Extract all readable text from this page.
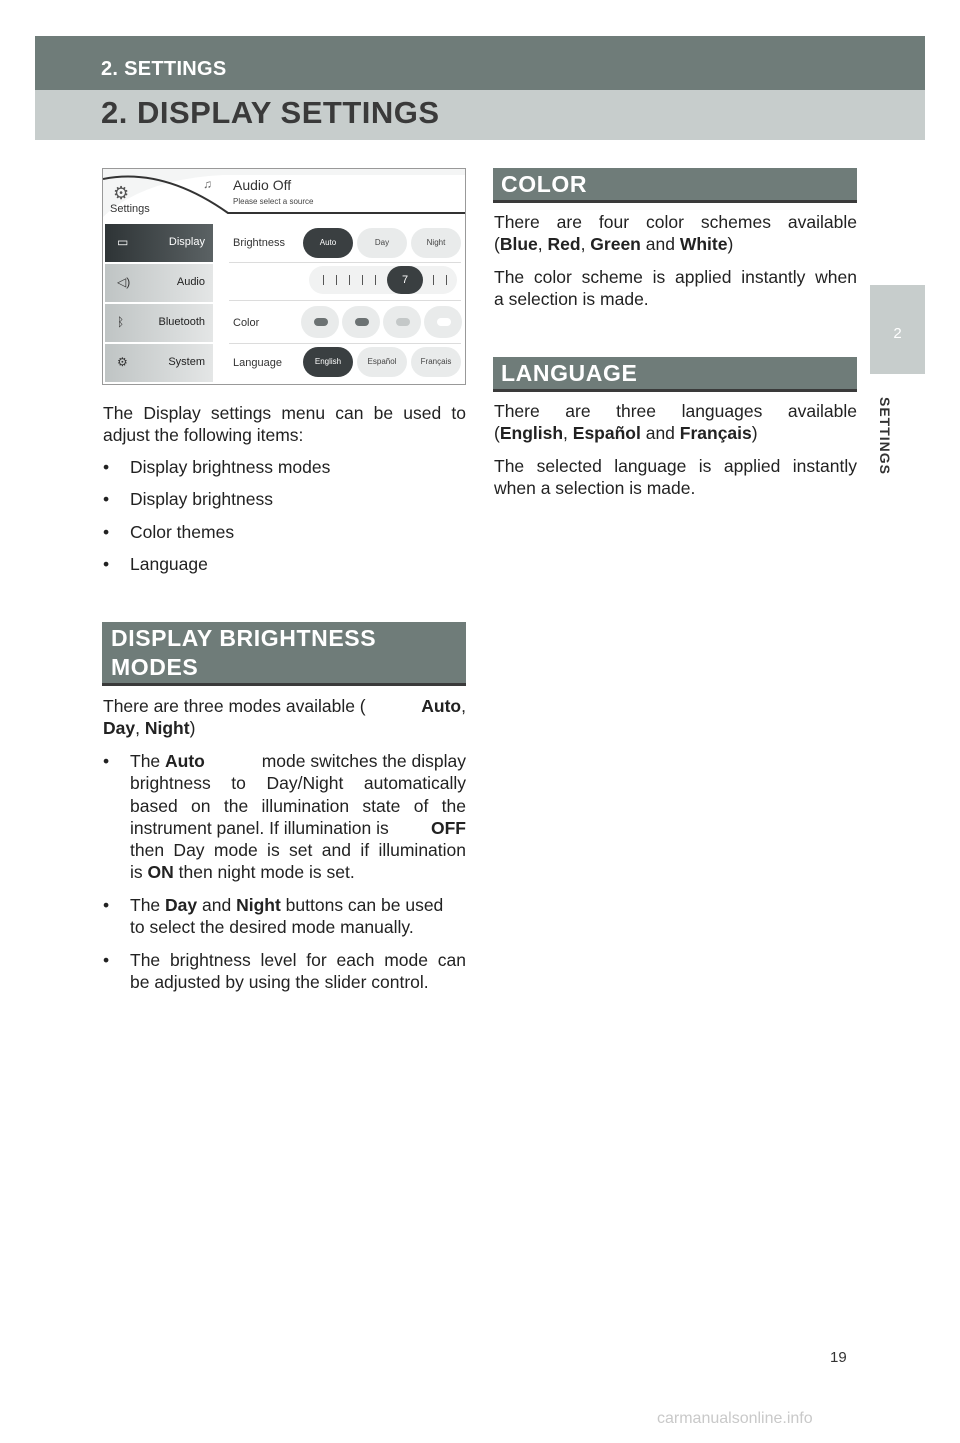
2. SETTINGS
2. DISPLAY SETTINGS
2
SETTINGS
⚙
Settings
♫ Audio Off
Please select a source
▭	Display
◁)	Audio
ᛒ	Bluetooth
⚙	System
Brightness	Auto	Day	Night
7
Color
Language	English	Español	Français
The Display settings menu can be used to adjust the following items:
• Display brightness modes
• Display brightness
• Color themes
• Language
DISPLAY BRIGHTNESS
MODES
There are three modes available (	Auto,
Day, Night)
• The Auto	mode switches the display
brightness to Day/Night automatically
based on the illumination state of the
instrument panel. If illumination is OFF
then Day mode is set and if illumination
is ON then night mode is set.
• The Day and Night buttons can be used
to select the desired mode manually.
• The brightness level for each mode can
be adjusted by using the slider control.
COLOR
There are four color schemes available
(Blue, Red, Green and White)
The color scheme is applied instantly when
a selection is made.
LANGUAGE
There are three languages available
(English, Español and Français)
The selected language is applied instantly
when a selection is made.
19
carmanualsonline.info
